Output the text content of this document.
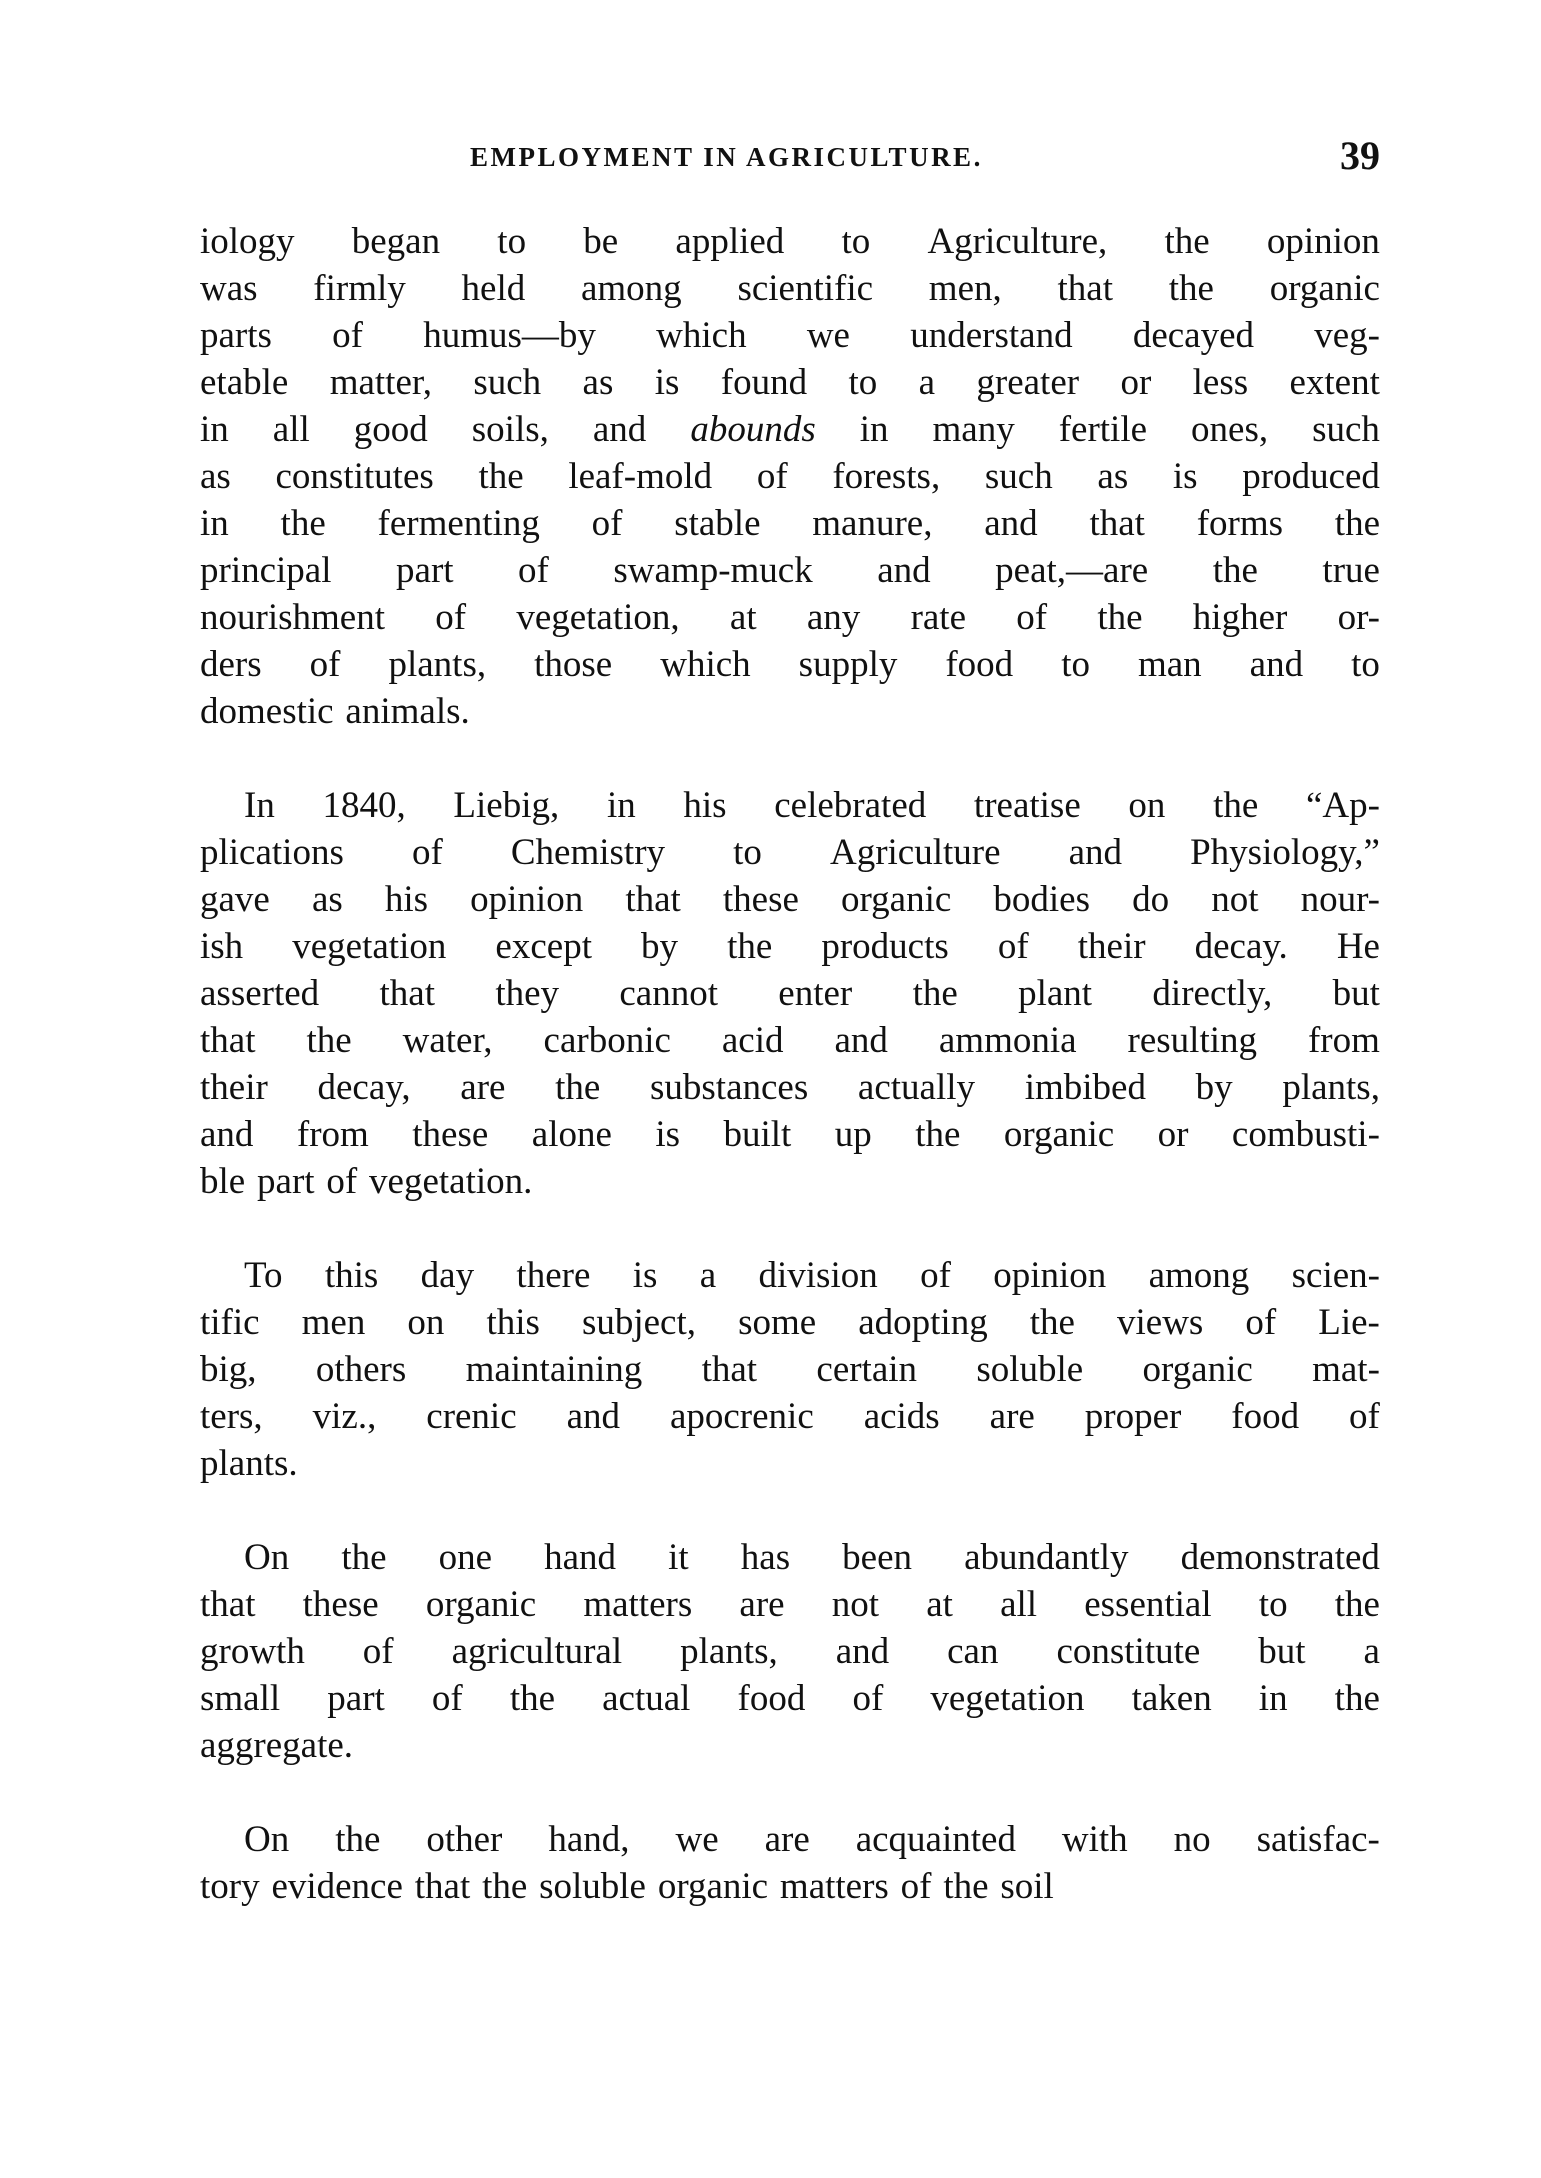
EMPLOYMENT IN AGRICULTURE.	39
iology began to be applied to Agriculture, the opinion
was firmly held among scientific men, that the organic
parts of humus—by which we understand decayed veg-
etable matter, such as is found to a greater or less extent
in all good soils, and abounds in many fertile ones, such
as constitutes the leaf-mold of forests, such as is produced
in the fermenting of stable manure, and that forms the
principal part of swamp-muck and peat,—are the true
nourishment of vegetation, at any rate of the higher or-
ders of plants, those which supply food to man and to
domestic animals.
In 1840, Liebig, in his celebrated treatise on the “Ap-
plications of Chemistry to Agriculture and Physiology,”
gave as his opinion that these organic bodies do not nour-
ish vegetation except by the products of their decay. He
asserted that they cannot enter the plant directly, but
that the water, carbonic acid and ammonia resulting from
their decay, are the substances actually imbibed by plants,
and from these alone is built up the organic or combusti-
ble part of vegetation.
To this day there is a division of opinion among scien-
tific men on this subject, some adopting the views of Lie-
big, others maintaining that certain soluble organic mat-
ters, viz., crenic and apocrenic acids are proper food of
plants.
On the one hand it has been abundantly demonstrated
that these organic matters are not at all essential to the
growth of agricultural plants, and can constitute but a
small part of the actual food of vegetation taken in the
aggregate.
On the other hand, we are acquainted with no satisfac-
tory evidence that the soluble organic matters of the soil
